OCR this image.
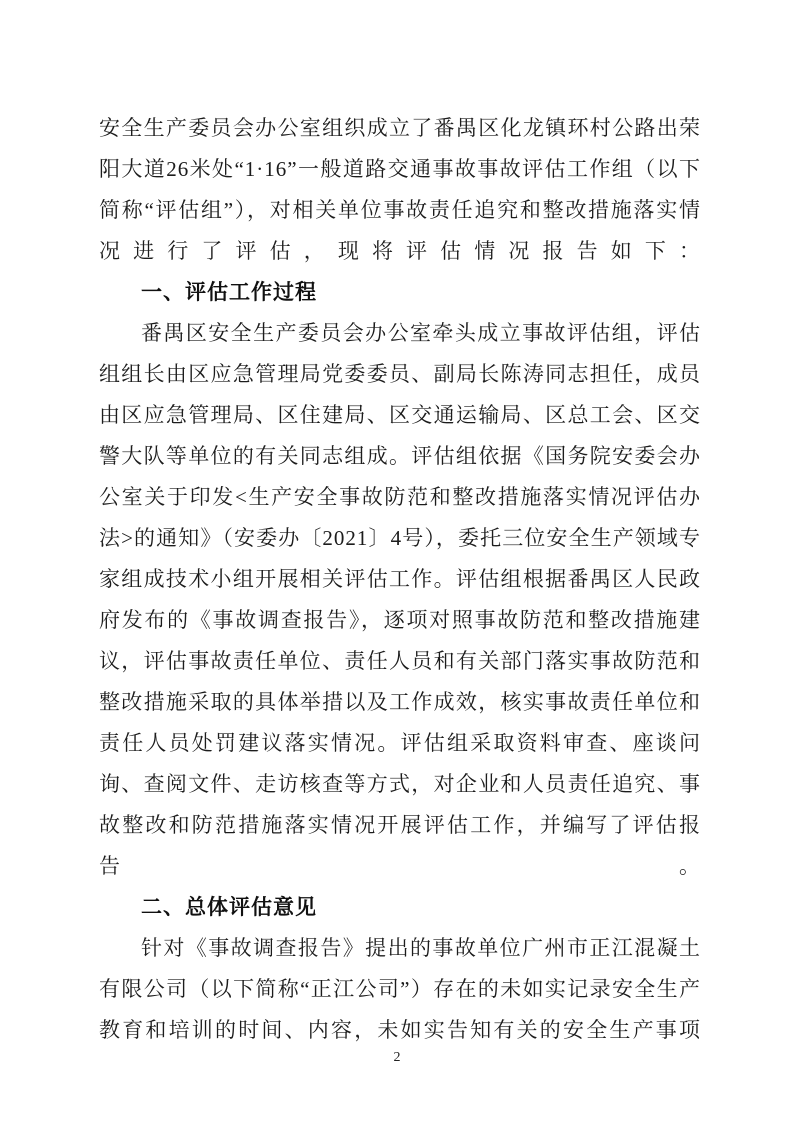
安全生产委员会办公室组织成立了番禺区化龙镇环村公路出荣阳大道26米处“1·16”一般道路交通事故事故评估工作组（以下简称“评估组”），对相关单位事故责任追究和整改措施落实情况进行了评估，现将评估情况报告如下：

一、评估工作过程

番禺区安全生产委员会办公室牵头成立事故评估组，评估组组长由区应急管理局党委委员、副局长陈涛同志担任，成员由区应急管理局、区住建局、区交通运输局、区总工会、区交警大队等单位的有关同志组成。评估组依据《国务院安委会办公室关于印发<生产安全事故防范和整改措施落实情况评估办法>的通知》（安委办〔2021〕4号），委托三位安全生产领域专家组成技术小组开展相关评估工作。评估组根据番禺区人民政府发布的《事故调查报告》，逐项对照事故防范和整改措施建议，评估事故责任单位、责任人员和有关部门落实事故防范和整改措施采取的具体举措以及工作成效，核实事故责任单位和责任人员处罚建议落实情况。评估组采取资料审查、座谈问询、查阅文件、走访核查等方式，对企业和人员责任追究、事故整改和防范措施落实情况开展评估工作，并编写了评估报告。

二、总体评估意见

针对《事故调查报告》提出的事故单位广州市正江混凝土有限公司（以下简称“正江公司”）存在的未如实记录安全生产教育和培训的时间、内容，未如实告知有关的安全生产事项

2
